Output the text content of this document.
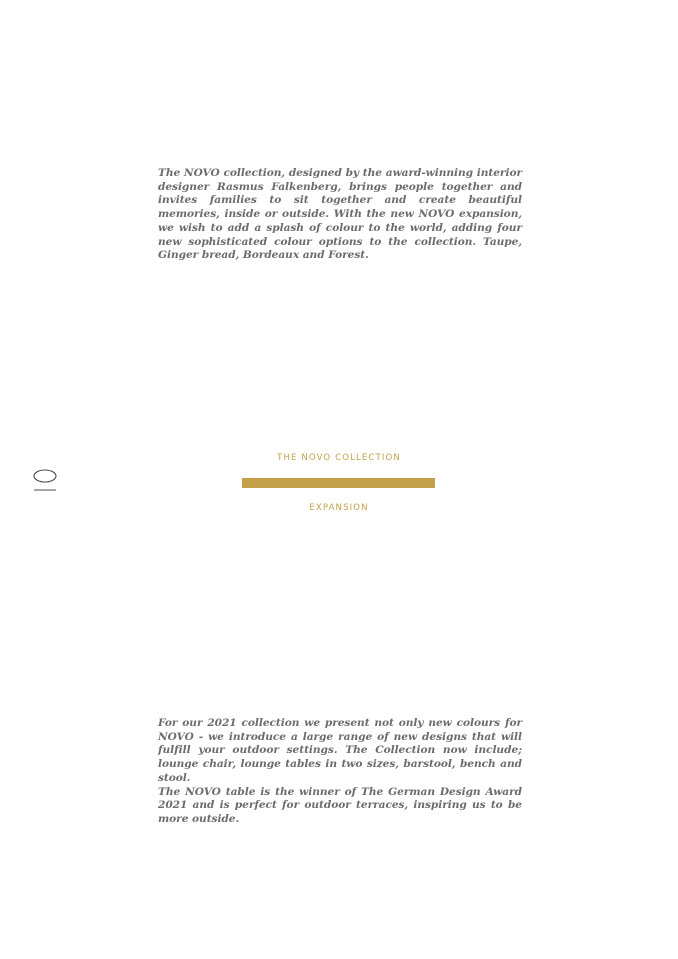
The NOVO collection, designed by the award-winning interior designer Rasmus Falkenberg, brings people together and invites families to sit together and create beautiful memories, inside or outside. With the new NOVO expansion, we wish to add a splash of colour to the world, adding four new sophisticated colour options to the collection. Taupe, Ginger bread, Bordeaux and Forest.

0
THE NOVO COLLECTION
EXPANSION
For our 2021 collection we present not only new colours for NOVO - we introduce a large range of new designs that will fulfill your outdoor settings. The Collection now include; lounge chair, lounge tables in two sizes, barstool, bench and stool.
The NOVO table is the winner of The German Design Award 2021 and is perfect for outdoor terraces, inspiring us to be more outside.
